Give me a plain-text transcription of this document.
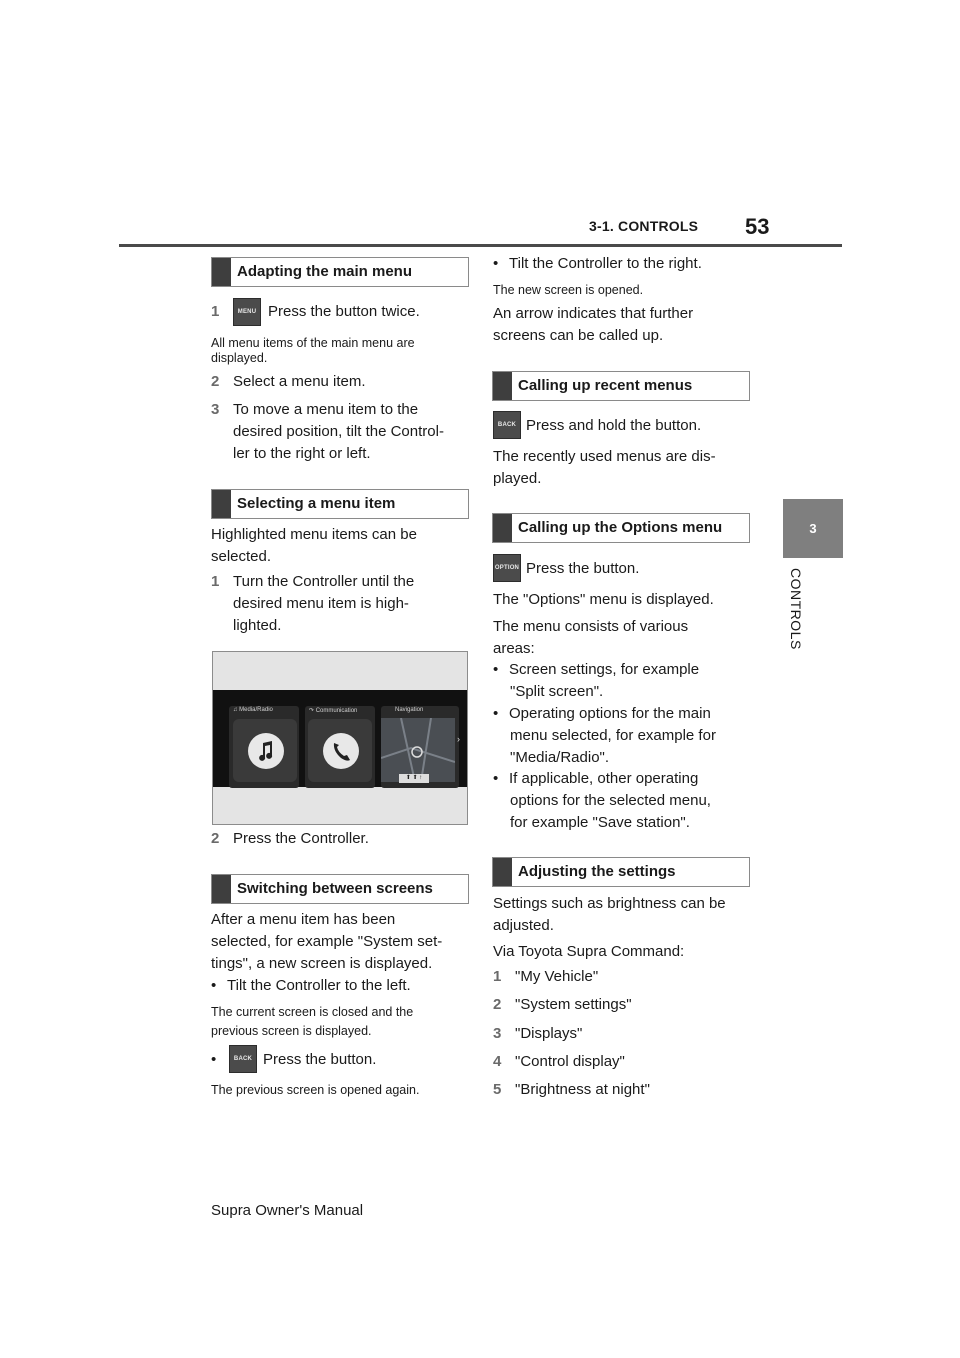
3-1. CONTROLS 53
3
CONTROLS
Adapting the main menu
1	MENU Press the button twice.
All menu items of the main menu are
displayed.
2 Select a menu item.
3 To move a menu item to the
desired position, tilt the Control-
ler to the right or left.
Selecting a menu item
Highlighted menu items can be
selected.
1 Turn the Controller until the
desired menu item is high-
lighted.
♫ Media/Radio	↷ Communication	Navigation
⬆ ⬆ ↑
›
2 Press the Controller.
Switching between screens
After a menu item has been
selected, for example "System set-
tings", a new screen is displayed.
• Tilt the Controller to the left.
The current screen is closed and the
previous screen is displayed.
•	BACK Press the button.
The previous screen is opened again.
• Tilt the Controller to the right.
The new screen is opened.
An arrow indicates that further
screens can be called up.
Calling up recent menus
BACK Press and hold the button.
The recently used menus are dis-
played.
Calling up the Options menu
OPTION Press the button.
The "Options" menu is displayed.
The menu consists of various
areas:
• Screen settings, for example
"Split screen".
• Operating options for the main
menu selected, for example for
"Media/Radio".
• If applicable, other operating
options for the selected menu,
for example "Save station".
Adjusting the settings
Settings such as brightness can be
adjusted.
Via Toyota Supra Command:
1 "My Vehicle"
2 "System settings"
3 "Displays"
4 "Control display"
5 "Brightness at night"
Supra Owner's Manual
